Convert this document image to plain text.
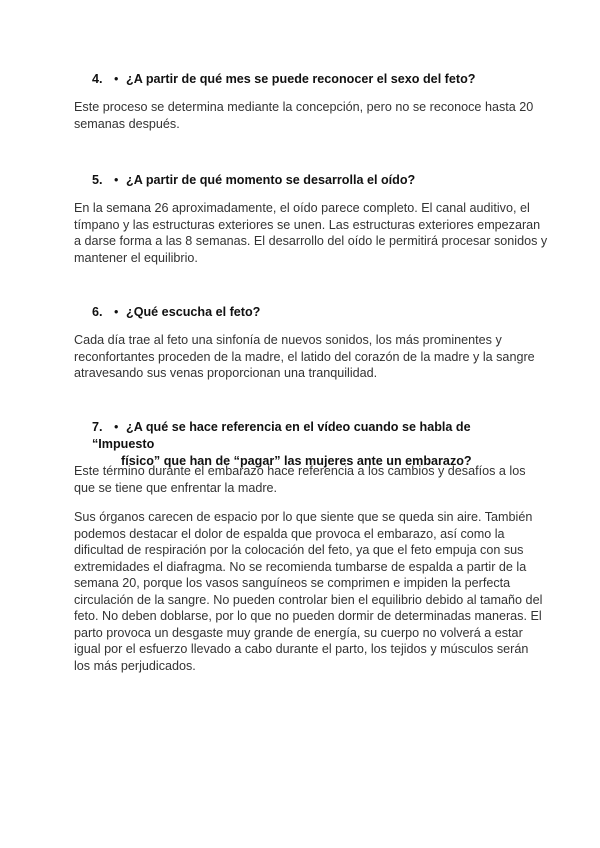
4. • ¿A partir de qué mes se puede reconocer el sexo del feto?
Este proceso se determina mediante la concepción, pero no se reconoce hasta 20
semanas después.
5. • ¿A partir de qué momento se desarrolla el oído?
En la semana 26 aproximadamente, el oído parece completo. El canal auditivo, el
tímpano y las estructuras exteriores se unen. Las estructuras exteriores empezaran
a darse forma a las 8 semanas. El desarrollo del oído le permitirá procesar sonidos y
mantener el equilibrio.
6. • ¿Qué escucha el feto?
Cada día trae al feto una sinfonía de nuevos sonidos, los más prominentes y
reconfortantes proceden de la madre, el latido del corazón de la madre y la sangre
atravesando sus venas proporcionan una tranquilidad.
7. • ¿A qué se hace referencia en el vídeo cuando se habla de “Impuesto
físico” que han de “pagar” las mujeres ante un embarazo?
Este término durante el embarazo hace referencia a los cambios y desafíos a los
que se tiene que enfrentar la madre.
Sus órganos carecen de espacio por lo que siente que se queda sin aire. También
podemos destacar el dolor de espalda que provoca el embarazo, así como la
dificultad de respiración por la colocación del feto, ya que el feto empuja con sus
extremidades el diafragma. No se recomienda tumbarse de espalda a partir de la
semana 20, porque los vasos sanguíneos se comprimen e impiden la perfecta
circulación de la sangre. No pueden controlar bien el equilibrio debido al tamaño del
feto. No deben doblarse, por lo que no pueden dormir de determinadas maneras. El
parto provoca un desgaste muy grande de energía, su cuerpo no volverá a estar
igual por el esfuerzo llevado a cabo durante el parto, los tejidos y músculos serán
los más perjudicados.
